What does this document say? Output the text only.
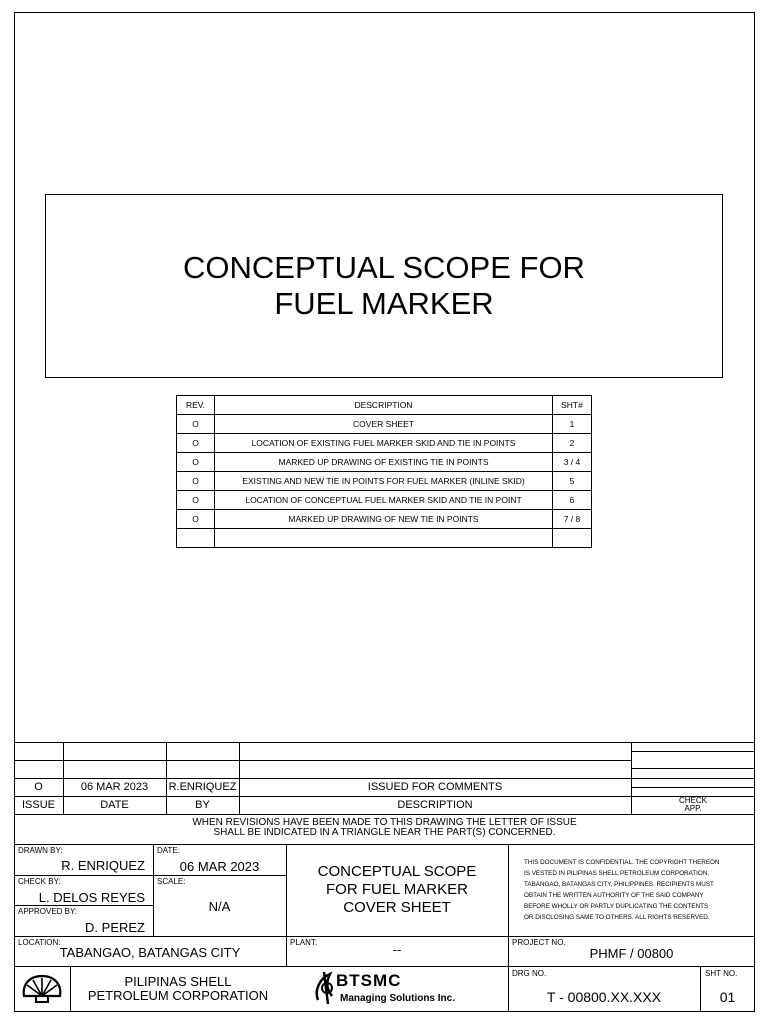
CONCEPTUAL SCOPE FOR
FUEL MARKER
REV.	DESCRIPTION	SHT#
O	COVER SHEET	1
O	LOCATION OF EXISTING FUEL MARKER SKID AND TIE IN POINTS	2
O	MARKED UP DRAWING OF EXISTING TIE IN POINTS	3 / 4
O	EXISTING AND NEW TIE IN POINTS FOR FUEL MARKER (INLINE SKID)	5
O	LOCATION OF CONCEPTUAL FUEL MARKER SKID AND TIE IN POINT	6
O	MARKED UP DRAWING OF NEW TIE IN POINTS	7 / 8

O	06 MAR 2023	R.ENRIQUEZ	ISSUED FOR COMMENTS
ISSUE	DATE	BY	DESCRIPTION	CHECK
APP.
WHEN REVISIONS HAVE BEEN MADE TO THIS DRAWING THE LETTER OF ISSUE
SHALL BE INDICATED IN A TRIANGLE NEAR THE PART(S) CONCERNED.
DRAWN BY:
R. ENRIQUEZ
CHECK BY:
L. DELOS REYES
APPROVED BY:
D. PEREZ
DATE:
06 MAR 2023
SCALE:
N/A
CONCEPTUAL SCOPE
FOR FUEL MARKER
COVER SHEET
THIS DOCUMENT IS CONFIDENTIAL. THE COPYRIGHT THEREON
IS VESTED IN PILIPINAS SHELL PETROLEUM CORPORATION,
TABANGAO, BATANGAS CITY, PHILIPPINES. RECIPIENTS MUST
OBTAIN THE WRITTEN AUTHORITY OF THE SAID COMPANY
BEFORE WHOLLY OR PARTLY DUPLICATING THE CONTENTS
OR DISCLOSING SAME TO OTHERS. ALL RIGHTS RESERVED.
LOCATION:
TABANGAO, BATANGAS CITY
PLANT:	--	PROJECT NO.
PHMF / 00800
PILIPINAS SHELL
PETROLEUM CORPORATION
BTSMC
Managing Solutions Inc.
DRG NO.
T - 00800.XX.XXX
SHT NO.
01
